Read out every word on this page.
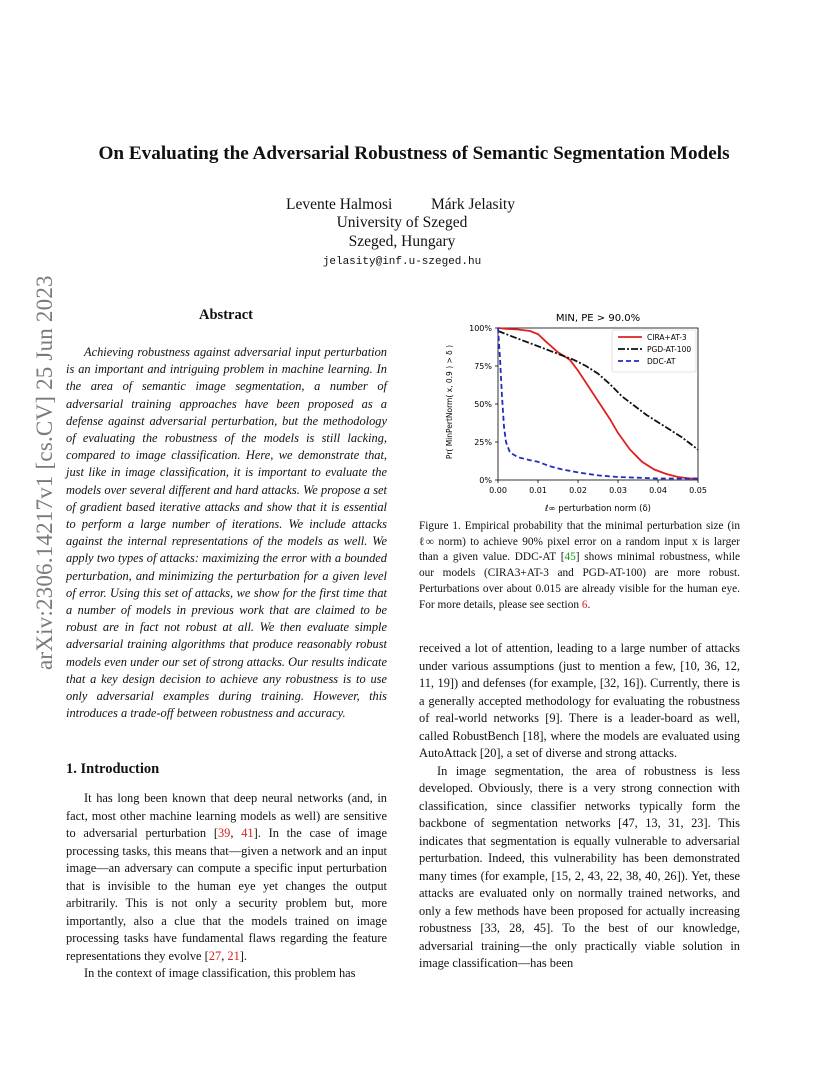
arXiv:2306.14217v1 [cs.CV] 25 Jun 2023
On Evaluating the Adversarial Robustness of Semantic Segmentation Models
Levente Halmosi Márk Jelasity
University of Szeged
Szeged, Hungary
jelasity@inf.u-szeged.hu
Abstract
Achieving robustness against adversarial input perturbation is an important and intriguing problem in machine learning. In the area of semantic image segmentation, a number of adversarial training approaches have been proposed as a defense against adversarial perturbation, but the methodology of evaluating the robustness of the models is still lacking, compared to image classification. Here, we demonstrate that, just like in image classification, it is important to evaluate the models over several different and hard attacks. We propose a set of gradient based iterative attacks and show that it is essential to perform a large number of iterations. We include attacks against the internal representations of the models as well. We apply two types of attacks: maximizing the error with a bounded perturbation, and minimizing the perturbation for a given level of error. Using this set of attacks, we show for the first time that a number of models in previous work that are claimed to be robust are in fact not robust at all. We then evaluate simple adversarial training algorithms that produce reasonably robust models even under our set of strong attacks. Our results indicate that a key design decision to achieve any robustness is to use only adversarial examples during training. However, this introduces a trade-off between robustness and accuracy.
1. Introduction

It has long been known that deep neural networks (and, in fact, most other machine learning models as well) are sensitive to adversarial perturbation [39, 41]. In the case of image processing tasks, this means that—given a network and an input image—an adversary can compute a specific input perturbation that is invisible to the human eye yet changes the output arbitrarily. This is not only a security problem but, more importantly, also a clue that the models trained on image processing tasks have fundamental flaws regarding the feature representations they evolve [27, 21].

In the context of image classification, this problem has

MIN, PE > 90.0%
ℓ∞ perturbation norm (δ)
Pr( MinPertNorm( x, 0.9 ) > δ )
0.00	0.01	0.02	0.03	0.04	0.05
0%
25%
50%
75%
100%
CIRA+AT-3
PGD-AT-100
DDC-AT
Figure 1. Empirical probability that the minimal perturbation size (in ℓ∞ norm) to achieve 90% pixel error on a random input x is larger than a given value. DDC-AT [45] shows minimal robustness, while our models (CIRA3+AT-3 and PGD-AT-100) are more robust. Perturbations over about 0.015 are already visible for the human eye. For more details, please see section 6.

received a lot of attention, leading to a large number of attacks under various assumptions (just to mention a few, [10, 36, 12, 11, 19]) and defenses (for example, [32, 16]). Currently, there is a generally accepted methodology for evaluating the robustness of real-world networks [9]. There is a leader-board as well, called RobustBench [18], where the models are evaluated using AutoAttack [20], a set of diverse and strong attacks.

In image segmentation, the area of robustness is less developed. Obviously, there is a very strong connection with classification, since classifier networks typically form the backbone of segmentation networks [47, 13, 31, 23]. This indicates that segmentation is equally vulnerable to adversarial perturbation. Indeed, this vulnerability has been demonstrated many times (for example, [15, 2, 43, 22, 38, 40, 26]). Yet, these attacks are evaluated only on normally trained networks, and only a few methods have been proposed for actually increasing robustness [33, 28, 45]. To the best of our knowledge, adversarial training—the only practically viable solution in image classification—has been
